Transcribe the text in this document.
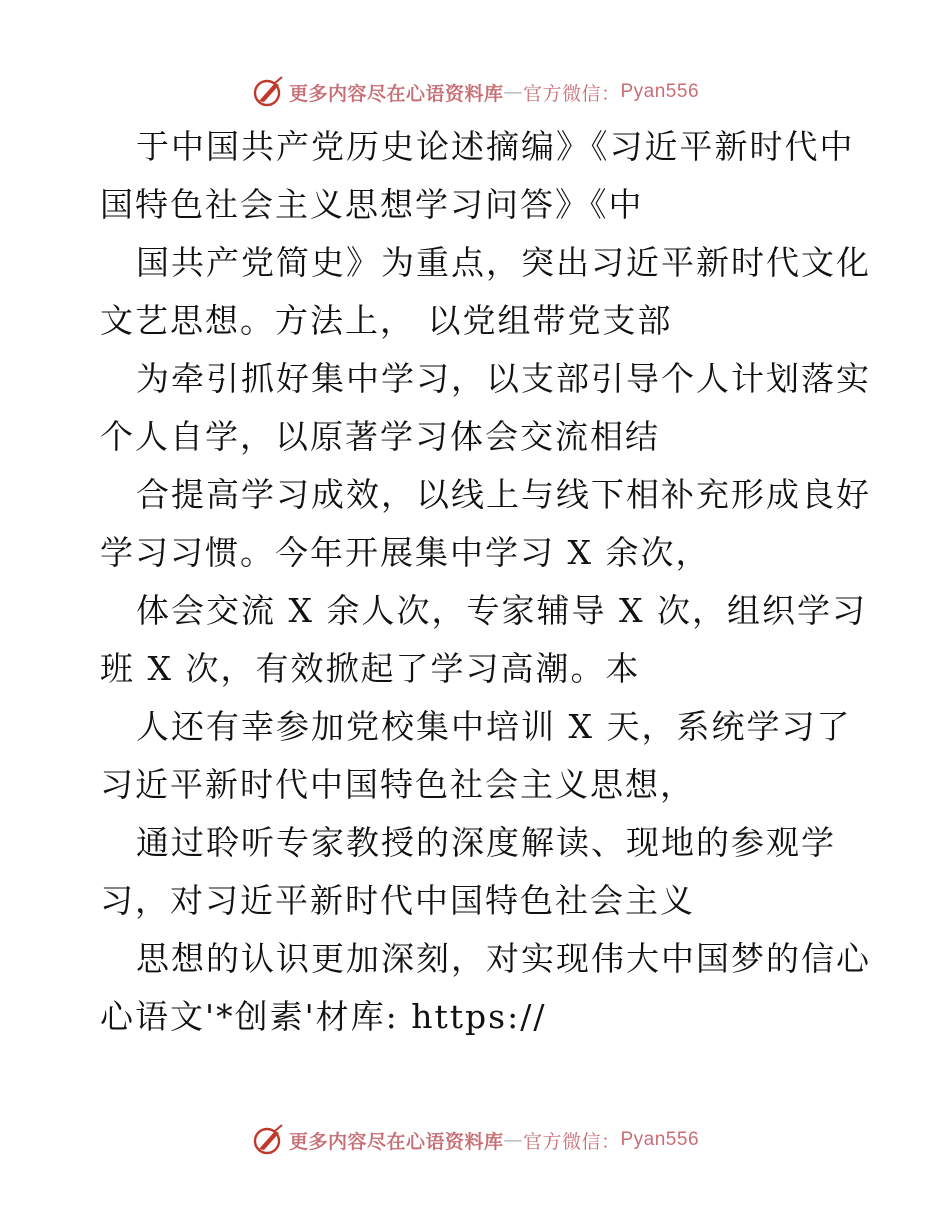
更多内容尽在心语资料库 — 官方微信： Pyan556
于中国共产党历史论述摘编》《习近平新时代中
国特色社会主义思想学习问答》《中
国共产党简史》为重点，突出习近平新时代文化
文艺思想。方法上， 以党组带党支部
为牵引抓好集中学习，以支部引导个人计划落实
个人自学，以原著学习体会交流相结
合提高学习成效，以线上与线下相补充形成良好
学习习惯。今年开展集中学习 X 余次，
体会交流 X 余人次，专家辅导 X 次，组织学习
班 X 次，有效掀起了学习高潮。本
人还有幸参加党校集中培训 X 天，系统学习了
习近平新时代中国特色社会主义思想，
通过聆听专家教授的深度解读、现地的参观学
习，对习近平新时代中国特色社会主义
思想的认识更加深刻，对实现伟大中国梦的信心
心语文'*创素'材库: https://
更多内容尽在心语资料库 — 官方微信： Pyan556
